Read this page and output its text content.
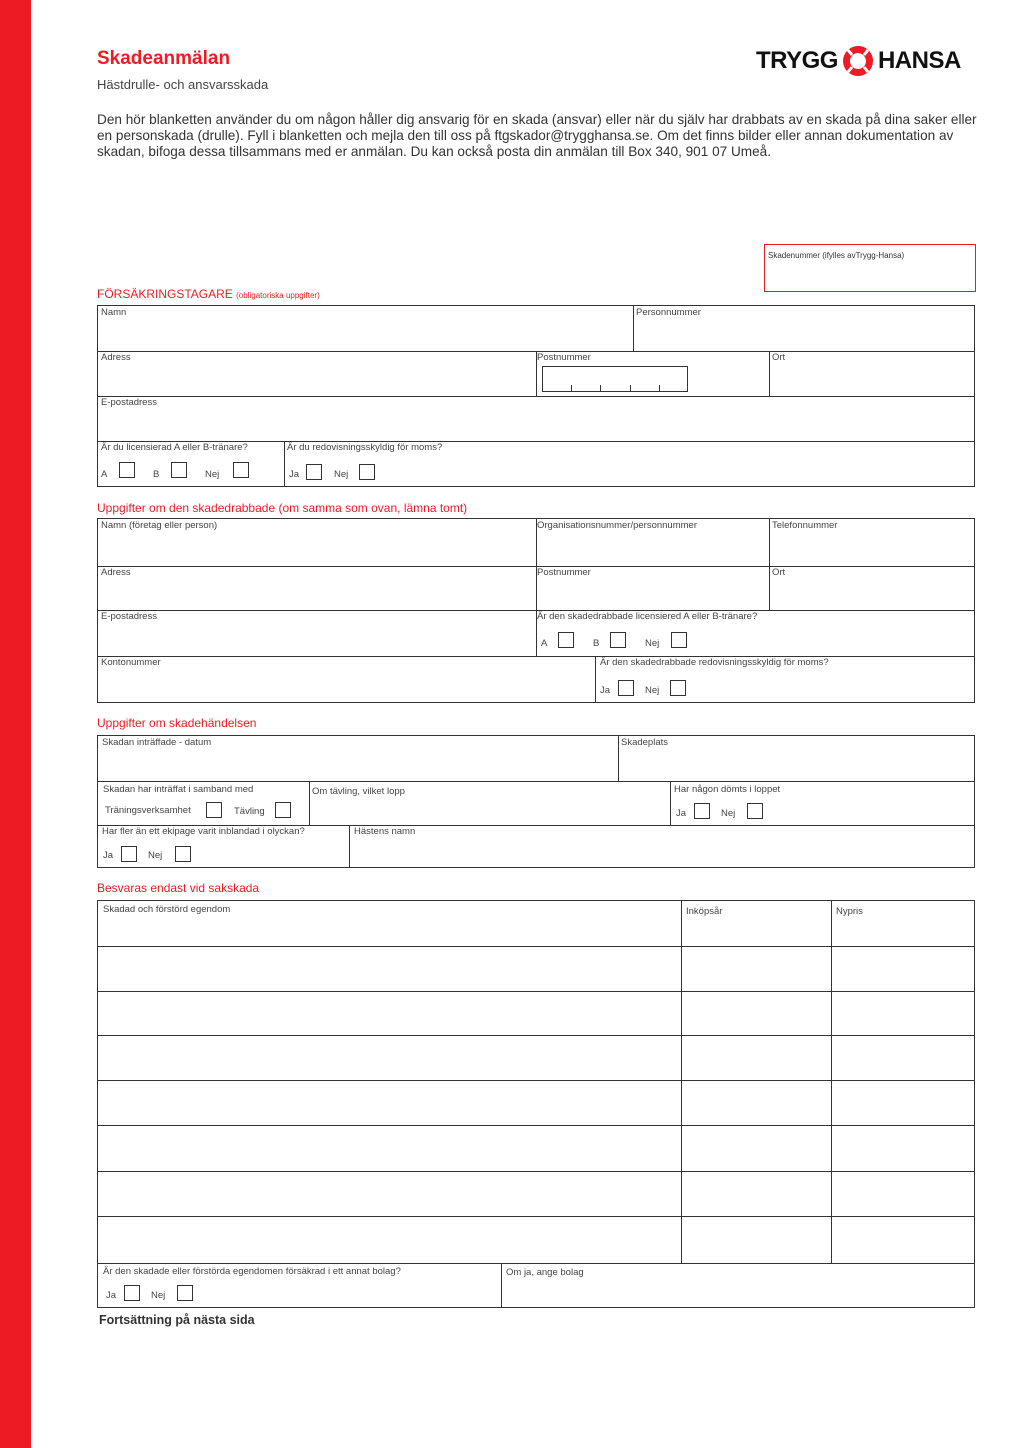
Skadeanmälan
Hästdrulle- och ansvarsskada
Den hör blanketten använder du om någon håller dig ansvarig för en skada (ansvar) eller när du själv har drabbats av en skada på dina saker eller en personskada (drulle). Fyll i blanketten och mejla den till oss på ftgskador@trygghansa.se. Om det finns bilder eller annan dokumentation av skadan, bifoga dessa tillsammans med er anmälan. Du kan också posta din anmälan till Box 340, 901 07 Umeå.
TRYGG HANSA
Skadenummer (ifylles avTrygg-Hansa)
FÖRSÄKRINGSTAGARE (obligatoriska uppgifter)
Namn	Personnummer
Adress	Postnummer	Ort
E-postadress
Är du licensierad A eller B-tränare?
A	B	Nej
Är du redovisningsskyldig för moms?
Ja	Nej
Uppgifter om den skadedrabbade (om samma som ovan, lämna tomt)
Namn (företag eller person)	Organisationsnummer/personnummer	Telefonnummer
Adress	Postnummer	Ort
E-postadress	Är den skadedrabbade licensiered A eller B-tränare?
A	B	Nej
Kontonummer	Är den skadedrabbade redovisningsskyldig för moms?
Ja	Nej
Uppgifter om skadehändelsen
Skadan inträffade - datum	Skadeplats
Skadan har inträffat i samband med
Träningsverksamhet	Tävling
Om tävling, vilket lopp	Har någon dömts i loppet
Ja	Nej
Har fler än ett ekipage varit inblandad i olyckan?
Ja	Nej
Hästens namn
Besvaras endast vid sakskada
Skadad och förstörd egendom	Inköpsår	Nypris
Är den skadade eller förstörda egendomen försäkrad i ett annat bolag?
Ja	Nej
Om ja, ange bolag
Fortsättning på nästa sida
